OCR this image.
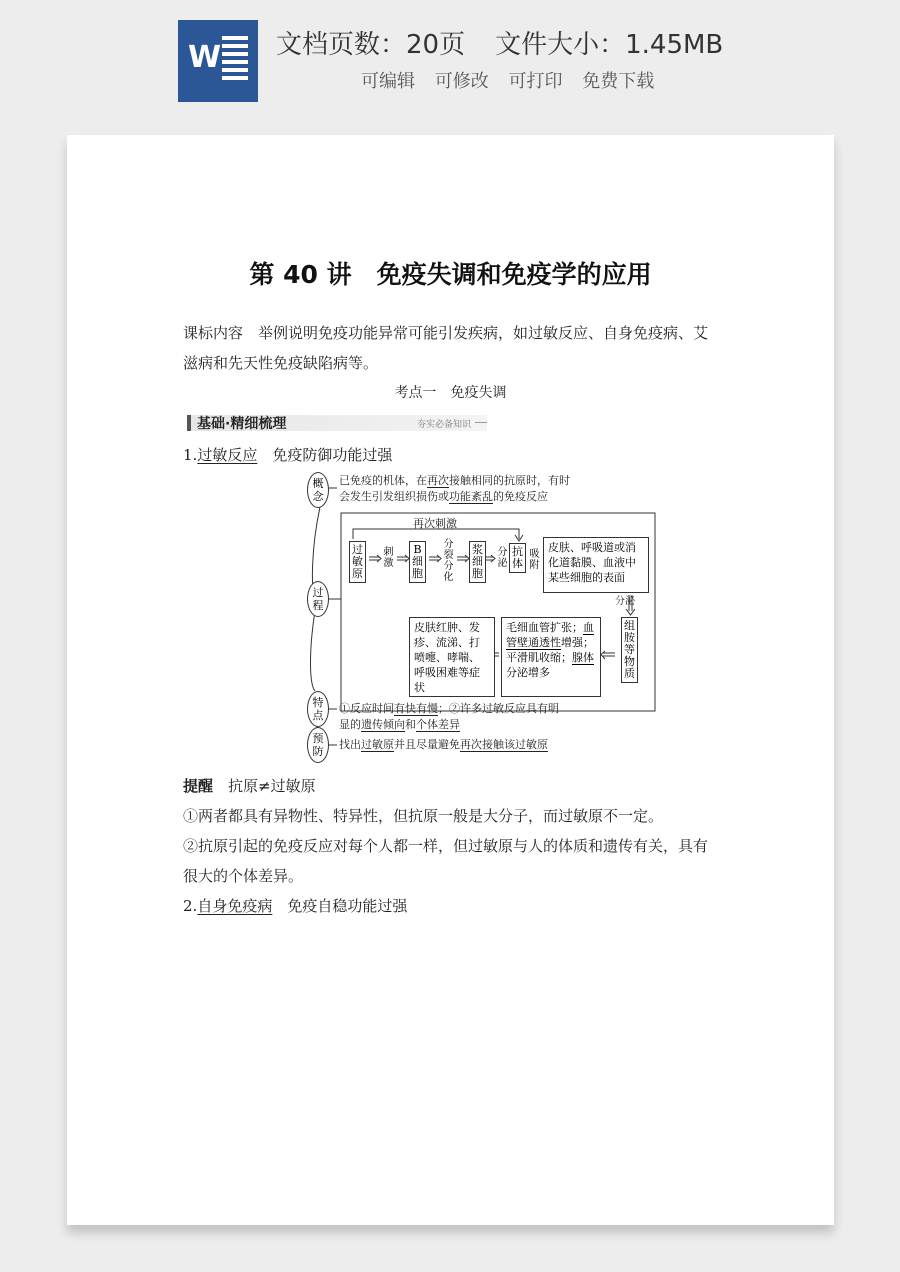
W 文档页数：20页 文件大小：1.45MB
可编辑 可修改 可打印 免费下载
第 40 讲　免疫失调和免疫学的应用
课标内容　 举例说明免疫功能异常可能引发疾病，如过敏反应、自身免疫病、艾滋病和先天性免疫缺陷病等。
考点一　免疫失调
基础·精细梳理	夯实必备知识
1.过敏反应　 免疫防御功能过强
概念
过程
特点
预防
已免疫的机体，在再次接触相同的抗原时，有时
会发生引发组织损伤或功能紊乱的免疫反应
再次刺激
过敏原
刺激
B细胞
分裂分化
浆细胞
分泌
抗体
吸附
皮肤、呼吸道或消化道黏膜、血液中某些细胞的表面
分泌
组胺等物质
毛细血管扩张；血管壁通透性增强；平滑肌收缩；腺体分泌增多
皮肤红肿、发疹、流涕、打喷嚏、哮喘、呼吸困难等症状
①反应时间有快有慢；②许多过敏反应具有明
显的遗传倾向和个体差异
找出过敏原并且尽量避免再次接触该过敏原
提醒　 抗原≠过敏原
①两者都具有异物性、特异性，但抗原一般是大分子，而过敏原不一定。
②抗原引起的免疫反应对每个人都一样，但过敏原与人的体质和遗传有关，具有很大的个体差异。
2.自身免疫病　 免疫自稳功能过强
